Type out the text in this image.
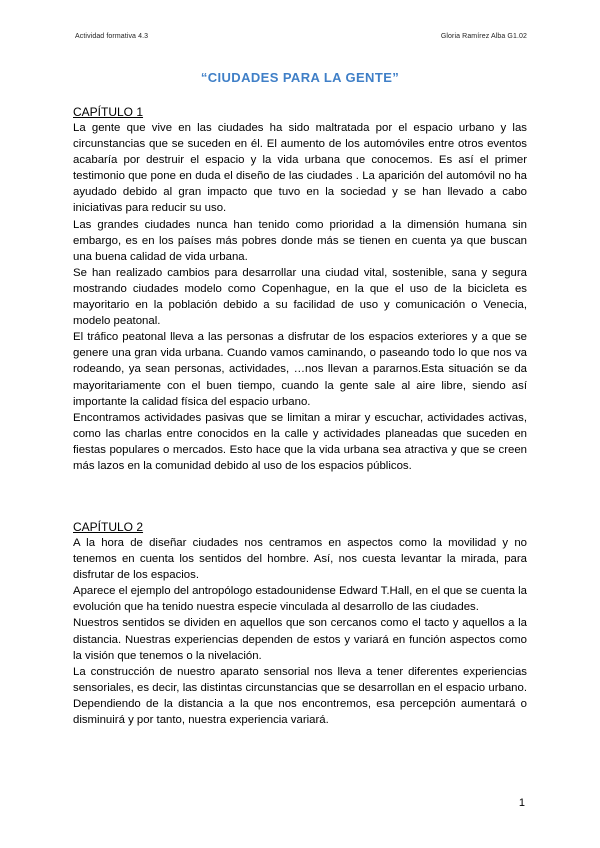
Actividad formativa 4.3	Gloria Ramírez Alba G1.02
“CIUDADES PARA LA GENTE”

CAPÍTULO 1

La gente que vive en las ciudades ha sido maltratada por el espacio urbano y las circunstancias que se suceden en él. El aumento de los automóviles entre otros eventos acabaría por destruir el espacio y la vida urbana que conocemos. Es así el primer testimonio que pone en duda el diseño de las ciudades . La aparición del automóvil no ha ayudado debido al gran impacto que tuvo en la sociedad y se han llevado a cabo iniciativas para reducir su uso.

Las grandes ciudades nunca han tenido como prioridad a la dimensión humana sin embargo, es en los países más pobres donde más se tienen en cuenta ya que buscan una buena calidad de vida urbana.

Se han realizado cambios para desarrollar una ciudad vital, sostenible, sana y segura mostrando ciudades modelo como Copenhague, en la que el uso de la bicicleta es mayoritario en la población debido a su facilidad de uso y comunicación o Venecia, modelo peatonal.

El tráfico peatonal lleva a las personas a disfrutar de los espacios exteriores y a que se genere una gran vida urbana. Cuando vamos caminando, o paseando todo lo que nos va rodeando, ya sean personas, actividades, …nos llevan a pararnos.Esta situación se da mayoritariamente con el buen tiempo, cuando la gente sale al aire libre, siendo así importante la calidad física del espacio urbano.

Encontramos actividades pasivas que se limitan a mirar y escuchar, actividades activas, como las charlas entre conocidos en la calle y actividades planeadas que suceden en fiestas populares o mercados. Esto hace que la vida urbana sea atractiva y que se creen más lazos en la comunidad debido al uso de los espacios públicos.

CAPÍTULO 2

A la hora de diseñar ciudades nos centramos en aspectos como la movilidad y no tenemos en cuenta los sentidos del hombre. Así, nos cuesta levantar la mirada, para disfrutar de los espacios.

Aparece el ejemplo del antropólogo estadounidense Edward T.Hall, en el que se cuenta la evolución que ha tenido nuestra especie vinculada al desarrollo de las ciudades.

Nuestros sentidos se dividen en aquellos que son cercanos como el tacto y aquellos a la distancia. Nuestras experiencias dependen de estos y variará en función aspectos como la visión que tenemos o la nivelación.

La construcción de nuestro aparato sensorial nos lleva a tener diferentes experiencias sensoriales, es decir, las distintas circunstancias que se desarrollan en el espacio urbano. Dependiendo de la distancia a la que nos encontremos, esa percepción aumentará o disminuirá y por tanto, nuestra experiencia variará.

1
